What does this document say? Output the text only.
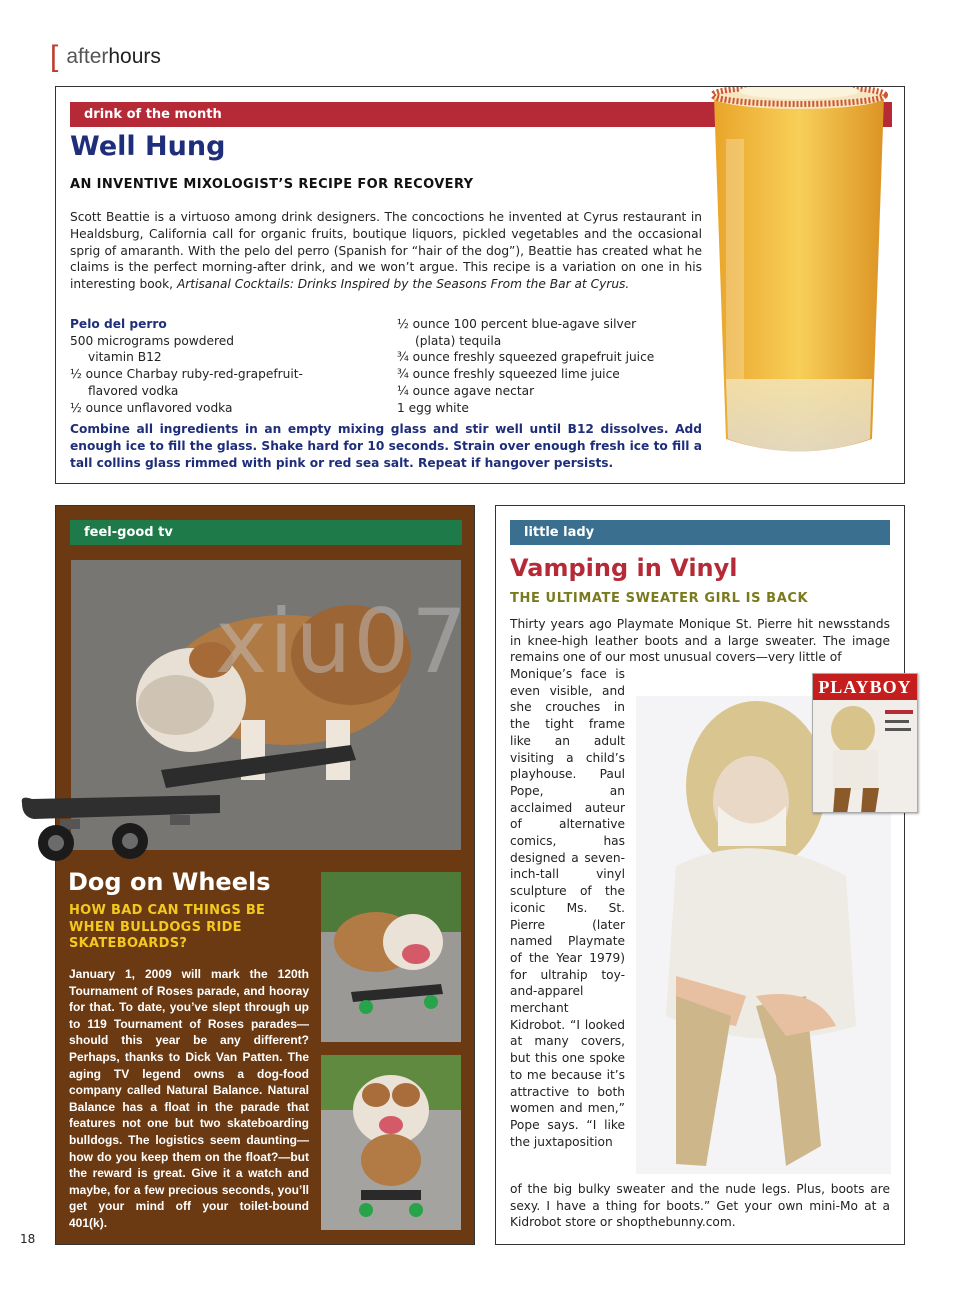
[ after hours
drink of the month
Well Hung
AN INVENTIVE MIXOLOGIST’S RECIPE FOR RECOVERY
Scott Beattie is a virtuoso among drink designers. The concoctions he invented at Cyrus restaurant in Healdsburg, California call for organic fruits, boutique liquors, pickled vegetables and the occasional sprig of amaranth. With the pelo del perro (Spanish for “hair of the dog”), Beattie has created what he claims is the perfect morning-after drink, and we won’t argue. This recipe is a variation on one in his interesting book, Artisanal Cocktails: Drinks Inspired by the Seasons From the Bar at Cyrus.
Pelo del perro
500 micrograms powdered
vitamin B12
½ ounce Charbay ruby-red-grapefruit-
flavored vodka
½ ounce unflavored vodka
½ ounce 100 percent blue-agave silver
(plata) tequila
¾ ounce freshly squeezed grapefruit juice
¾ ounce freshly squeezed lime juice
¼ ounce agave nectar
1 egg white
Combine all ingredients in an empty mixing glass and stir well until B12 dissolves. Add enough ice to fill the glass. Shake hard for 10 seconds. Strain over enough fresh ice to fill a tall collins glass rimmed with pink or red sea salt. Repeat if hangover persists.
feel-good tv
Dog on Wheels
HOW BAD CAN THINGS BE WHEN BULLDOGS RIDE SKATEBOARDS?
January 1, 2009 will mark the 120th Tournament of Roses parade, and hooray for that. To date, you’ve slept through up to 119 Tournament of Roses parades—should this year be any different? Perhaps, thanks to Dick Van Patten. The aging TV legend owns a dog-food company called Natural Balance. Natural Balance has a float in the parade that features not one but two skateboarding bulldogs. The logistics seem daunting—how do you keep them on the float?—but the reward is great. Give it a watch and maybe, for a few precious seconds, you’ll get your mind off your toilet-bound 401(k).
little lady
Vamping in Vinyl
THE ULTIMATE SWEATER GIRL IS BACK
Thirty years ago Playmate Monique St. Pierre hit newsstands in knee-high leather boots and a large sweater. The image remains one of our most unusual covers—very little of
Monique’s face is even visible, and she crouches in the tight frame like an adult visiting a child’s playhouse. Paul Pope, an acclaimed auteur of alternative comics, has designed a seven-inch-tall vinyl sculpture of the iconic Ms. St. Pierre (later named Playmate of the Year 1979) for ultrahip toy-and-apparel merchant Kidrobot. “I looked at many covers, but this one spoke to me because it’s attractive to both women and men,” Pope says. “I like the juxtaposition
of the big bulky sweater and the nude legs. Plus, boots are sexy. I have a thing for boots.” Get your own mini-Mo at a Kidrobot store or shopthebunny.com.
PLAYBOY
18
xiu07
